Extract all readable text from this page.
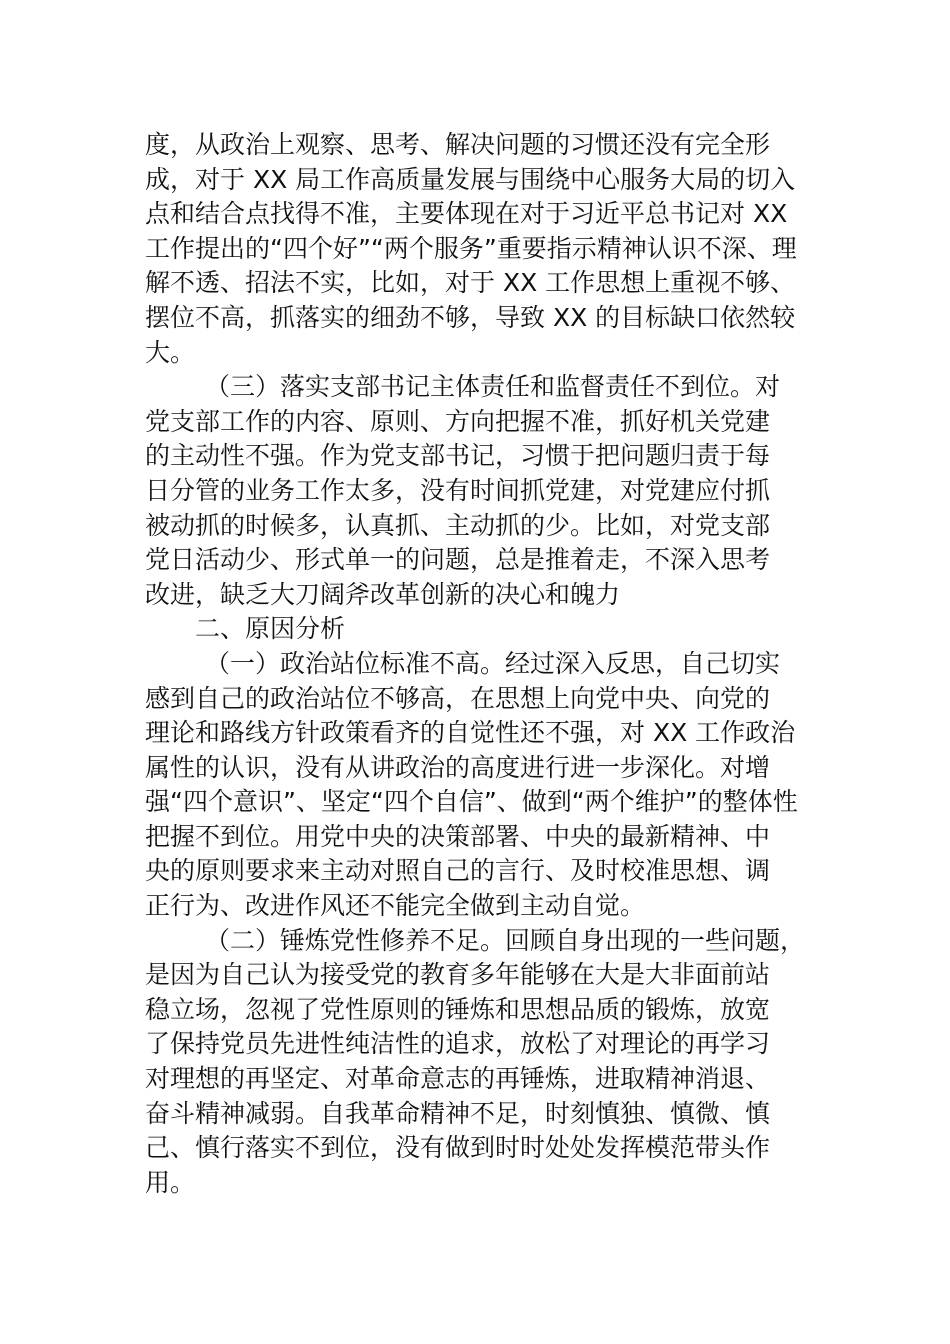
度，从政治上观察、思考、解决问题的习惯还没有完全形
成，对于 XX 局工作高质量发展与围绕中心服务大局的切入
点和结合点找得不准，主要体现在对于习近平总书记对 XX
工作提出的“四个好”“两个服务”重要指示精神认识不深、理
解不透、招法不实，比如，对于 XX 工作思想上重视不够、
摆位不高，抓落实的细劲不够，导致 XX 的目标缺口依然较
大。
（三）落实支部书记主体责任和监督责任不到位。对
党支部工作的内容、原则、方向把握不准，抓好机关党建
的主动性不强。作为党支部书记，习惯于把问题归责于每
日分管的业务工作太多，没有时间抓党建，对党建应付抓
被动抓的时候多，认真抓、主动抓的少。比如，对党支部
党日活动少、形式单一的问题，总是推着走，不深入思考
改进，缺乏大刀阔斧改革创新的决心和魄力
二、原因分析
（一）政治站位标准不高。经过深入反思，自己切实
感到自己的政治站位不够高，在思想上向党中央、向党的
理论和路线方针政策看齐的自觉性还不强，对 XX 工作政治
属性的认识，没有从讲政治的高度进行进一步深化。对增
强“四个意识”、坚定“四个自信”、做到“两个维护”的整体性
把握不到位。用党中央的决策部署、中央的最新精神、中
央的原则要求来主动对照自己的言行、及时校准思想、调
正行为、改进作风还不能完全做到主动自觉。
（二）锤炼党性修养不足。回顾自身出现的一些问题，
是因为自己认为接受党的教育多年能够在大是大非面前站
稳立场，忽视了党性原则的锤炼和思想品质的锻炼，放宽
了保持党员先进性纯洁性的追求，放松了对理论的再学习
对理想的再坚定、对革命意志的再锤炼，进取精神消退、
奋斗精神减弱。自我革命精神不足，时刻慎独、慎微、慎
己、慎行落实不到位，没有做到时时处处发挥模范带头作
用。
